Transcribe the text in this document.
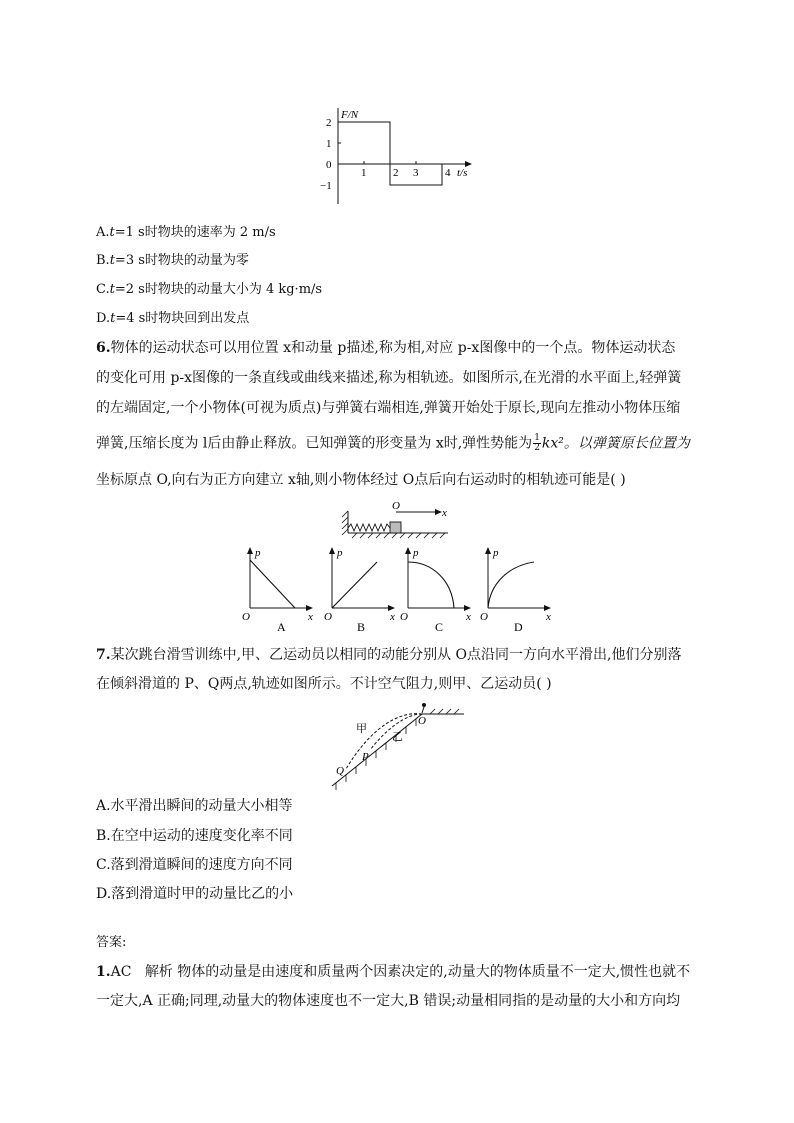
F/N
2
1
0
−1
1 2 3 4 t/s
A.t=1 s时物块的速率为 2 m/s
B.t=3 s时物块的动量为零
C.t=2 s时物块的动量大小为 4 kg·m/s
D.t=4 s时物块回到出发点
6.物体的运动状态可以用位置 x和动量 p描述,称为相,对应 p-x图像中的一个点。物体运动状态
的变化可用 p-x图像的一条直线或曲线来描述,称为相轨迹。如图所示,在光滑的水平面上,轻弹簧
的左端固定,一个小物体(可视为质点)与弹簧右端相连,弹簧开始处于原长,现向左推动小物体压缩
弹簧,压缩长度为 l后由静止释放。已知弹簧的形变量为 x时,弹性势能为 $\frac{1}{2} kx^2$。以弹簧原长位置为
坐标原点 O,向右为正方向建立 x轴,则小物体经过 O点后向右运动时的相轨迹可能是( )
O
x
p
O	x
A
p
O	x
B
p
O	x
C
p
O	x
D
7.某次跳台滑雪训练中,甲、乙运动员以相同的动能分别从 O点沿同一方向水平滑出,他们分别落
在倾斜滑道的 P、Q两点,轨迹如图所示。不计空气阻力,则甲、乙运动员( )
甲
乙
O
P
Q
A.水平滑出瞬间的动量大小相等
B.在空中运动的速度变化率不同
C.落到滑道瞬间的速度方向不同
D.落到滑道时甲的动量比乙的小
答案:
1.AC 解析 物体的动量是由速度和质量两个因素决定的,动量大的物体质量不一定大,惯性也就不
一定大,A 正确;同理,动量大的物体速度也不一定大,B 错误;动量相同指的是动量的大小和方向均
